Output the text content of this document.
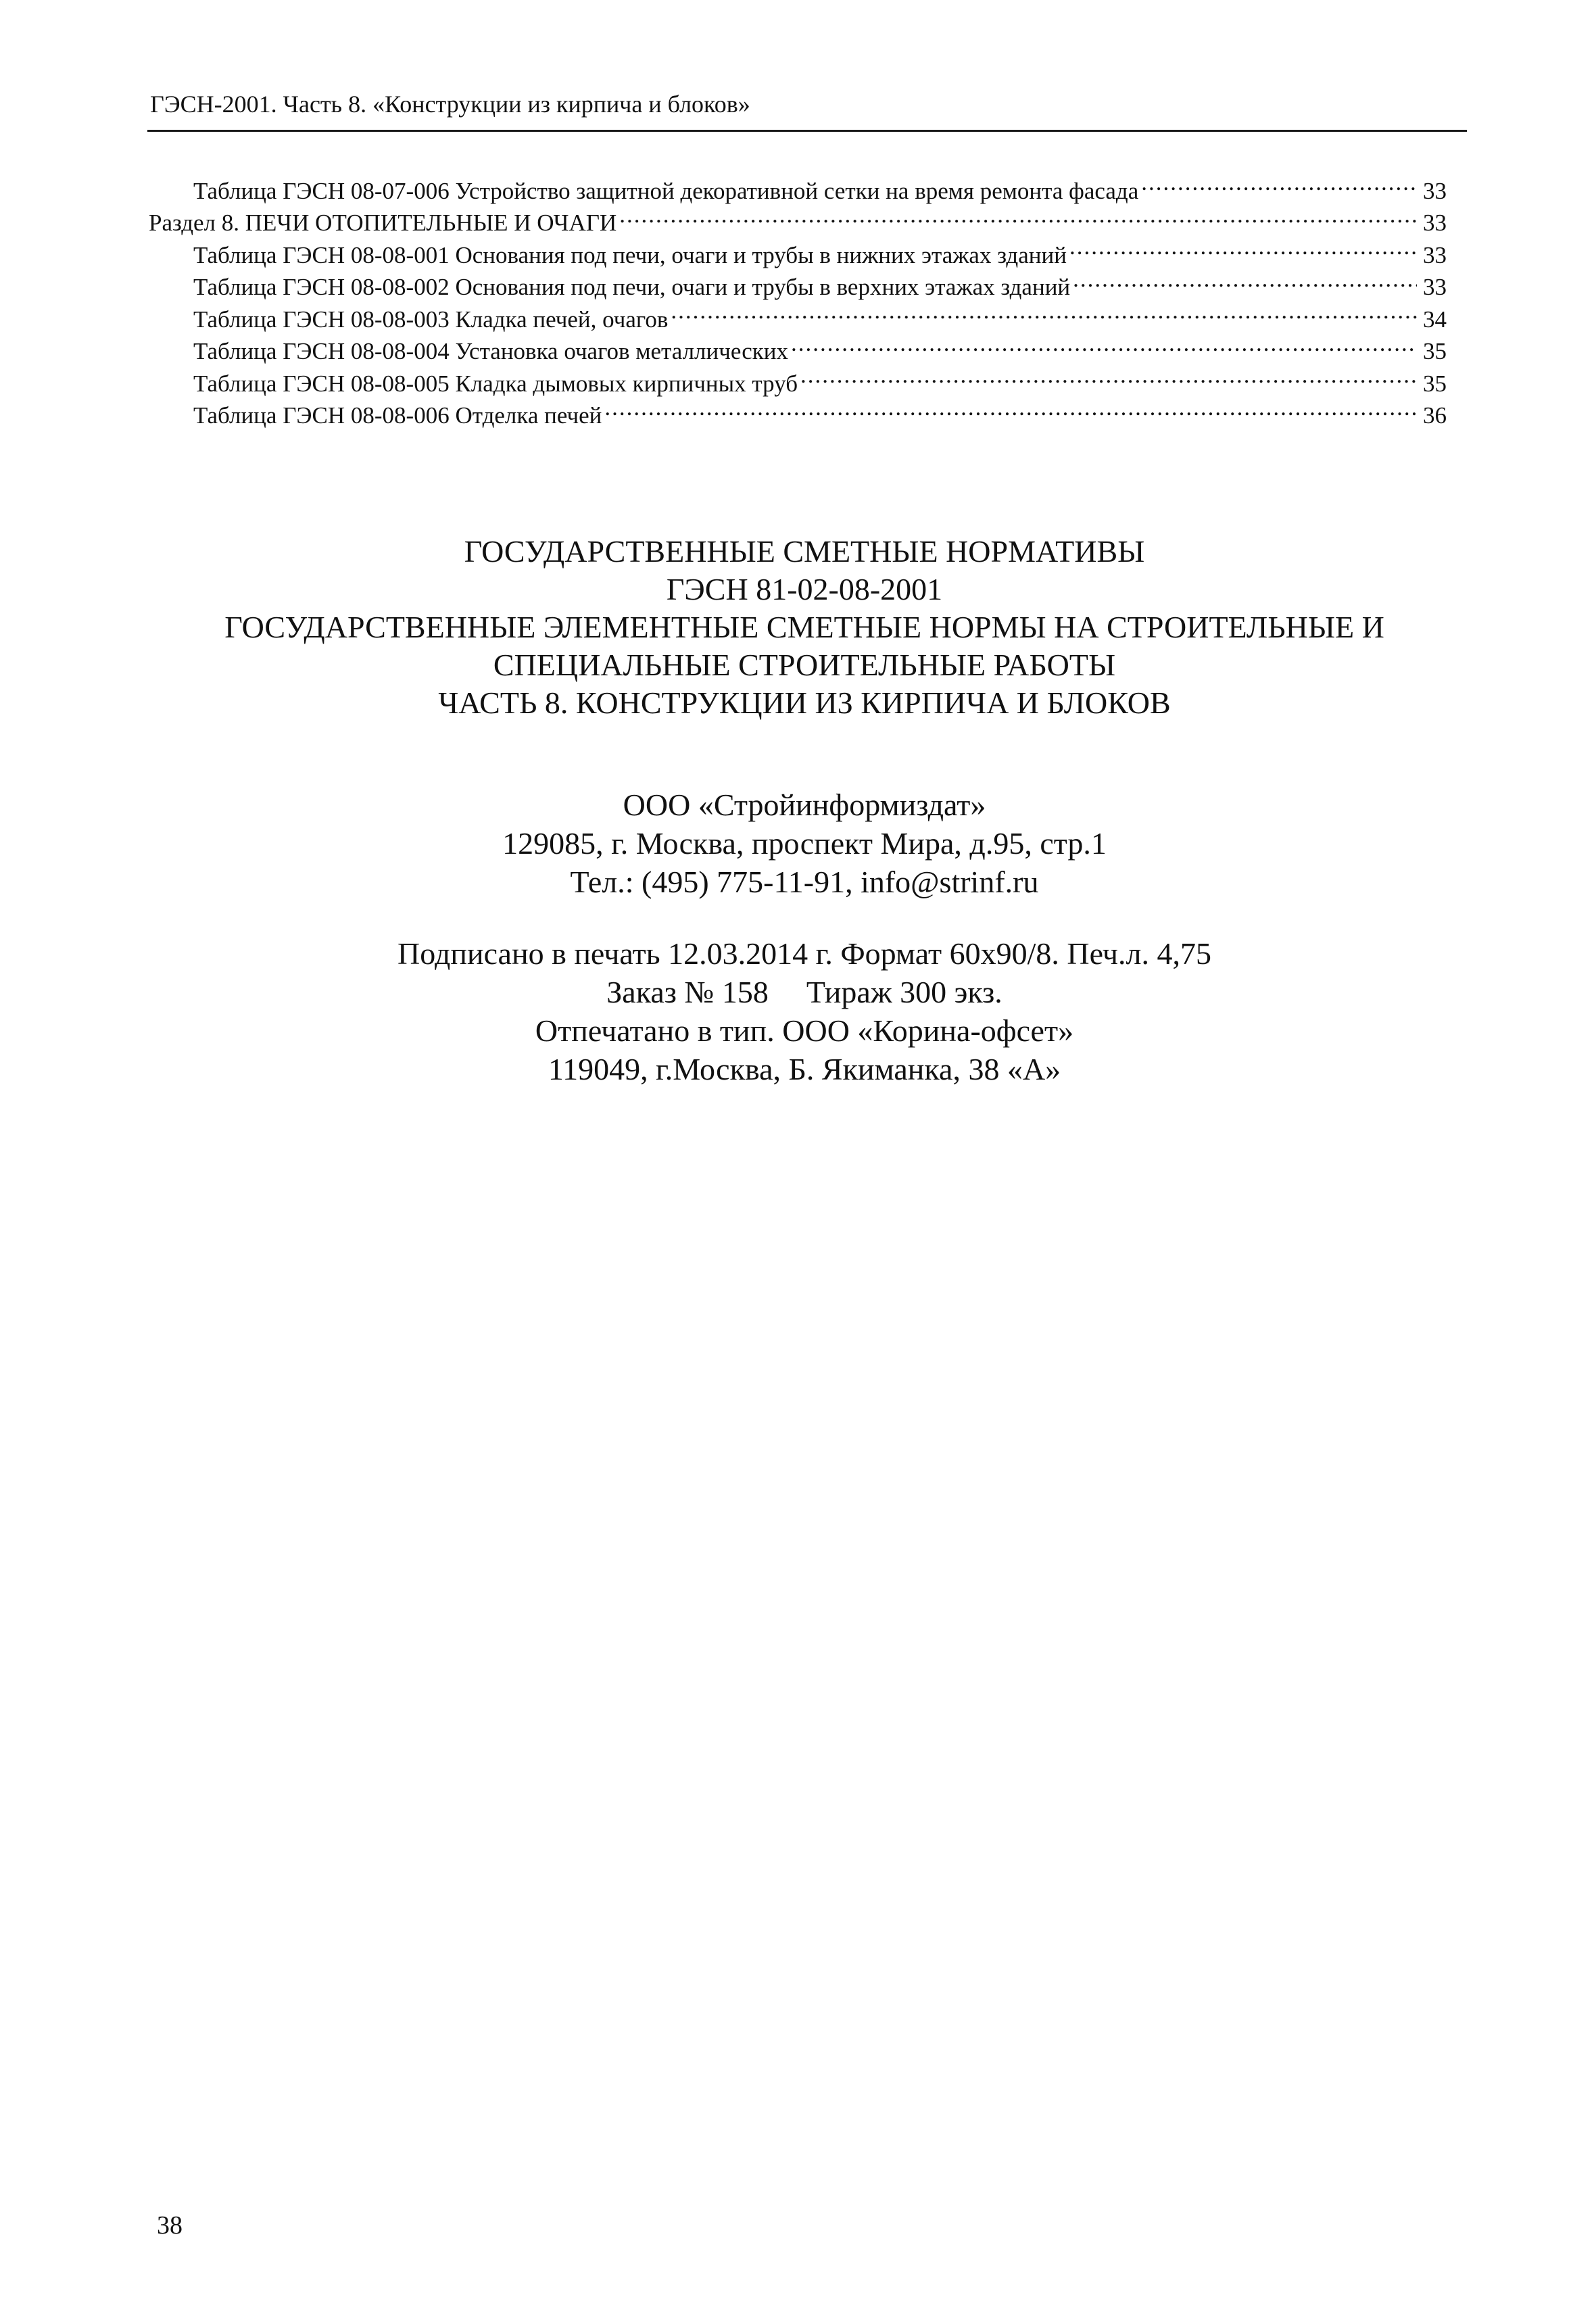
ГЭСН-2001. Часть 8. «Конструкции из кирпича и блоков»
Таблица ГЭСН 08-07-006 Устройство защитной декоративной сетки на время ремонта фасада .....	33
Раздел 8. ПЕЧИ ОТОПИТЕЛЬНЫЕ И ОЧАГИ .....	33
Таблица ГЭСН 08-08-001 Основания под печи, очаги и трубы в нижних этажах зданий .....	33
Таблица ГЭСН 08-08-002 Основания под печи, очаги и трубы в верхних этажах зданий .....	33
Таблица ГЭСН 08-08-003 Кладка печей, очагов .....	34
Таблица ГЭСН 08-08-004 Установка очагов металлических .....	35
Таблица ГЭСН 08-08-005 Кладка дымовых кирпичных труб .....	35
Таблица ГЭСН 08-08-006 Отделка печей .....	36
ГОСУДАРСТВЕННЫЕ СМЕТНЫЕ НОРМАТИВЫ
ГЭСН 81-02-08-2001
ГОСУДАРСТВЕННЫЕ ЭЛЕМЕНТНЫЕ СМЕТНЫЕ НОРМЫ НА СТРОИТЕЛЬНЫЕ И
СПЕЦИАЛЬНЫЕ СТРОИТЕЛЬНЫЕ РАБОТЫ
ЧАСТЬ 8. КОНСТРУКЦИИ ИЗ КИРПИЧА И БЛОКОВ
ООО «Стройинформиздат»
129085, г. Москва, проспект Мира, д.95, стр.1
Тел.: (495) 775-11-91, info@strinf.ru
Подписано в печать 12.03.2014 г. Формат 60x90/8. Печ.л. 4,75
Заказ № 158 Тираж 300 экз.
Отпечатано в тип. ООО «Корина-офсет»
119049, г.Москва, Б. Якиманка, 38 «А»
38
